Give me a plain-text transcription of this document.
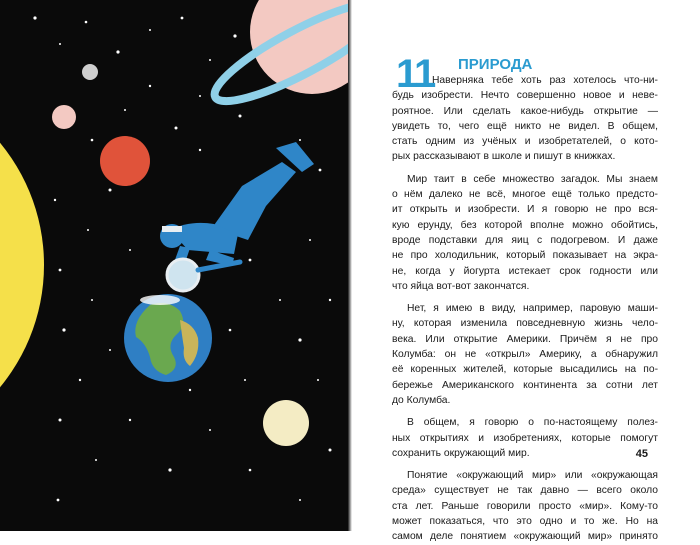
11 ПРИРОДА
Наверняка тебе хоть раз хотелось что-ни-
будь изобрести. Нечто совершенно новое и неве-
роятное. Или сделать какое-нибудь открытие —
увидеть то, чего ещё никто не видел. В общем,
стать одним из учёных и изобретателей, о кото-
рых рассказывают в школе и пишут в книжках.
Мир таит в себе множество загадок. Мы знаем
о нём далеко не всё, многое ещё только предсто-
ит открыть и изобрести. И я говорю не про вся-
кую ерунду, без которой вполне можно обойтись,
вроде подставки для яиц с подогревом. И даже
не про холодильник, который показывает на экра-
не, когда у йогурта истекает срок годности или
что яйца вот-вот закончатся.
Нет, я имею в виду, например, паровую маши-
ну, которая изменила повседневную жизнь чело-
века. Или открытие Америки. Причём я не про
Колумба: он не «открыл» Америку, а обнаружил
её коренных жителей, которые высадились на по-
бережье Американского континента за сотни лет
до Колумба.
В общем, я говорю о по-настоящему полез-
ных открытиях и изобретениях, которые помогут
сохранить окружающий мир.
Понятие «окружающий мир» или «окружающая
среда» существует не так давно — всего около
ста лет. Раньше говорили просто «мир». Кому-то
может показаться, что это одно и то же. Но на
самом деле понятием «окружающий мир» принято
45
